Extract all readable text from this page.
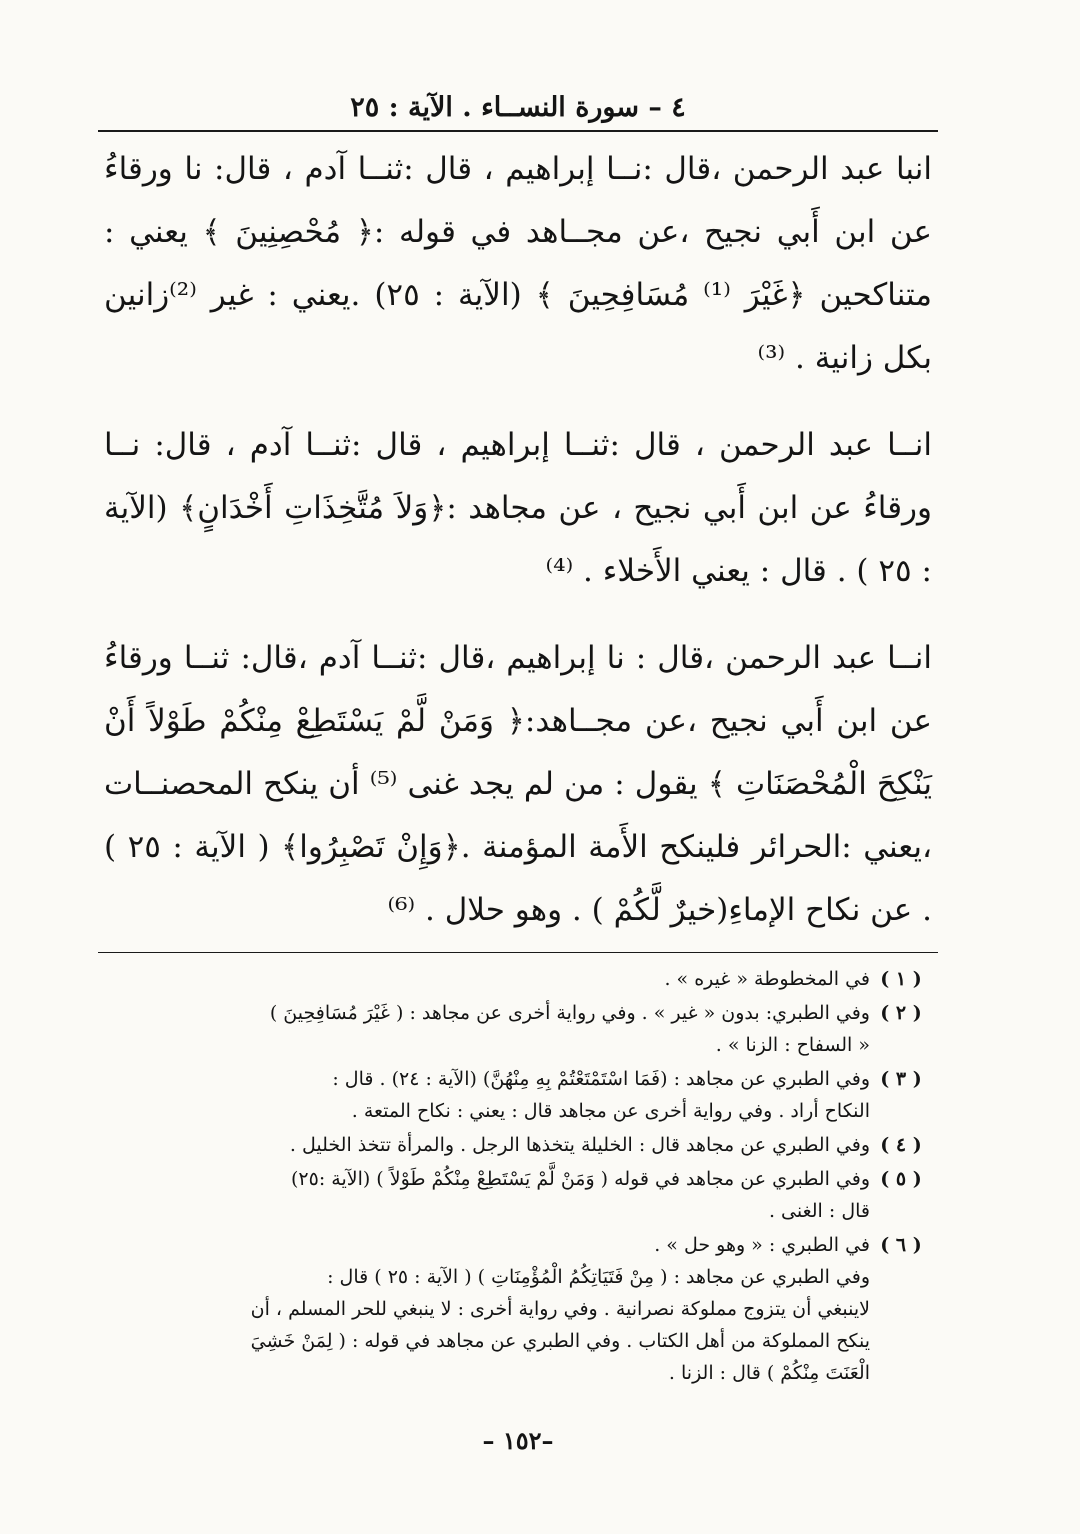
٤ – سورة النســاء . الآية : ٢٥

انبا عبد الرحمن ،قال :نــا إبراهيم ، قال :ثنــا آدم ، قال: نا ورقاءُ عن ابن أَبي نجيح ،عن مجــاهد في قوله :﴿ مُحْصِنِينَ ﴾ يعني : متناكحين ﴿غَيْرَ ⁽¹⁾ مُسَافِحِينَ ﴾ (الآية : ٢٥) .يعني : غير ⁽²⁾زانين بكل زانية . ⁽³⁾

انــا عبد الرحمن ، قال :ثنــا إبراهيم ، قال :ثنــا آدم ، قال: نــا ورقاءُ عن ابن أَبي نجيح ، عن مجاهد :﴿وَلاَ مُتَّخِذَاتِ أَخْدَانٍ﴾ (الآية : ٢٥ ) . قال : يعني الأَخلاء . ⁽⁴⁾

انــا عبد الرحمن ،قال : نا إبراهيم ،قال :ثنــا آدم ،قال: ثنــا ورقاءُ عن ابن أَبي نجيح ،عن مجــاهد:﴿ وَمَنْ لَّمْ يَسْتَطِعْ مِنْكُمْ طَوْلاً أَنْ يَنْكِحَ الْمُحْصَنَاتِ ﴾ يقول : من لم يجد غنى ⁽⁵⁾ أن ينكح المحصنــات ،يعني :الحرائر فلينكح الأَمة المؤمنة .﴿وَإِنْ تَصْبِرُوا﴾ ( الآية : ٢٥ ) . عن نكاح الإماءِ(خيرٌ لَّكُمْ ) . وهو حلال . ⁽⁶⁾

( ١ )
في المخطوطة « غيره » .
( ٢ )
وفي الطبري: بدون « غير » . وفي رواية أخرى عن مجاهد : ( غَيْرَ مُسَافِحِينَ )
« السفاح : الزنا » .
( ٣ )
وفي الطبري عن مجاهد : (فَمَا اسْتَمْتَعْتُمْ بِهِ مِنْهُنَّ) (الآية : ٢٤) . قال :
النكاح أراد . وفي رواية أخرى عن مجاهد قال : يعني : نكاح المتعة .
( ٤ )
وفي الطبري عن مجاهد قال : الخليلة يتخذها الرجل . والمرأة تتخذ الخليل .
( ٥ )
وفي الطبري عن مجاهد في قوله ( وَمَنْ لَّمْ يَسْتَطِعْ مِنْكُمْ طَوْلاً ) (الآية :٢٥)
قال : الغنى .
( ٦ )
في الطبري : « وهو حل » .
وفي الطبري عن مجاهد : ( مِنْ فَتَيَاتِكُمُ الْمُؤْمِنَاتِ ) ( الآية : ٢٥ ) قال :
لاينبغي أن يتزوج مملوكة نصرانية . وفي رواية أخرى : لا ينبغي للحر المسلم ، أن
ينكح المملوكة من أهل الكتاب . وفي الطبري عن مجاهد في قوله : ( لِمَنْ خَشِيَ
الْعَنَتَ مِنْكُمْ ) قال : الزنا .
–١٥٢ –
